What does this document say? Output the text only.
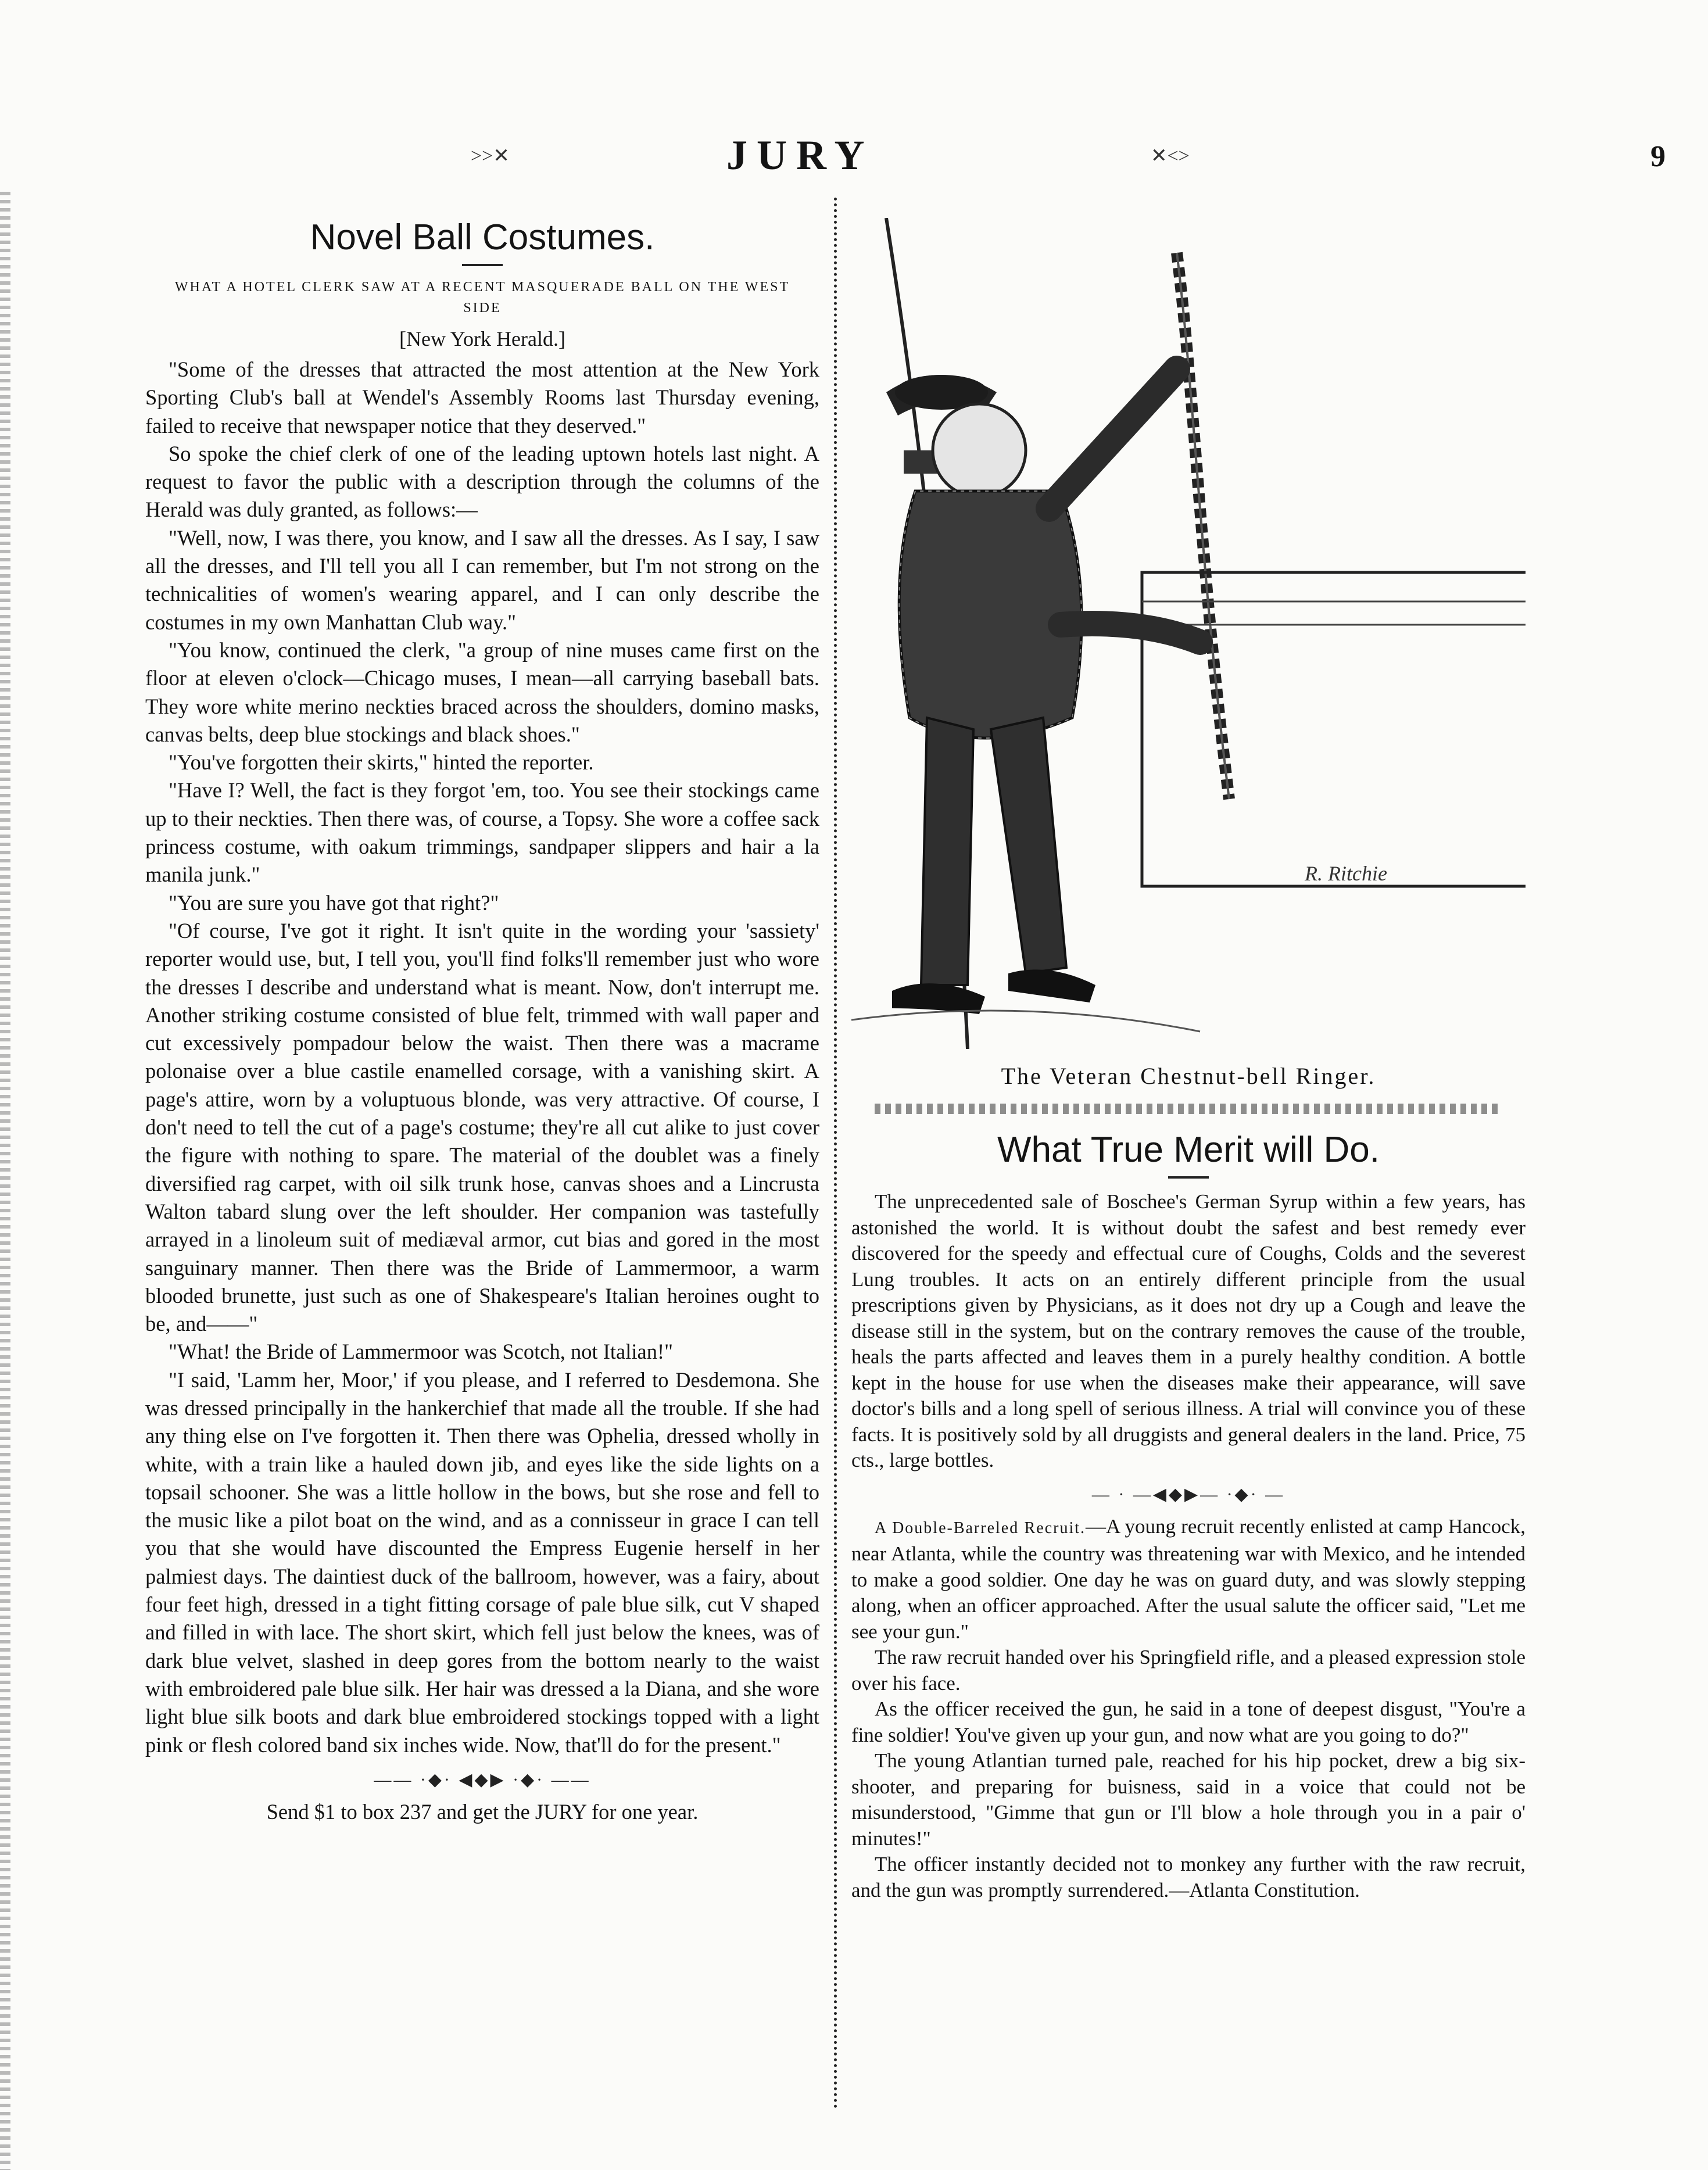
>>✕	JURY	✕<>	9
Novel Ball Costumes.
WHAT A HOTEL CLERK SAW AT A RECENT MASQUERADE BALL ON THE WEST SIDE
[New York Herald.]

"Some of the dresses that attracted the most attention at the New York Sporting Club's ball at Wendel's Assembly Rooms last Thursday evening, failed to receive that newspaper notice that they deserved."

So spoke the chief clerk of one of the leading uptown hotels last night. A request to favor the public with a description through the columns of the Herald was duly granted, as follows:—

"Well, now, I was there, you know, and I saw all the dresses. As I say, I saw all the dresses, and I'll tell you all I can remember, but I'm not strong on the technicalities of women's wearing apparel, and I can only describe the costumes in my own Manhattan Club way."

"You know, continued the clerk, "a group of nine muses came first on the floor at eleven o'clock—Chicago muses, I mean—all carrying baseball bats. They wore white merino neckties braced across the shoulders, domino masks, canvas belts, deep blue stockings and black shoes."

"You've forgotten their skirts," hinted the reporter.

"Have I? Well, the fact is they forgot 'em, too. You see their stockings came up to their neckties. Then there was, of course, a Topsy. She wore a coffee sack princess costume, with oakum trimmings, sandpaper slippers and hair a la manila junk."

"You are sure you have got that right?"

"Of course, I've got it right. It isn't quite in the wording your 'sassiety' reporter would use, but, I tell you, you'll find folks'll remember just who wore the dresses I describe and understand what is meant. Now, don't interrupt me. Another striking costume consisted of blue felt, trimmed with wall paper and cut excessively pompadour below the waist. Then there was a macrame polonaise over a blue castile enamelled corsage, with a vanishing skirt. A page's attire, worn by a voluptuous blonde, was very attractive. Of course, I don't need to tell the cut of a page's costume; they're all cut alike to just cover the figure with nothing to spare. The material of the doublet was a finely diversified rag carpet, with oil silk trunk hose, canvas shoes and a Lincrusta Walton tabard slung over the left shoulder. Her companion was tastefully arrayed in a linoleum suit of mediæval armor, cut bias and gored in the most sanguinary manner. Then there was the Bride of Lammermoor, a warm blooded brunette, just such as one of Shakespeare's Italian heroines ought to be, and——"

"What! the Bride of Lammermoor was Scotch, not Italian!"

"I said, 'Lamm her, Moor,' if you please, and I referred to Desdemona. She was dressed principally in the hankerchief that made all the trouble. If she had any thing else on I've forgotten it. Then there was Ophelia, dressed wholly in white, with a train like a hauled down jib, and eyes like the side lights on a topsail schooner. She was a little hollow in the bows, but she rose and fell to the music like a pilot boat on the wind, and as a connisseur in grace I can tell you that she would have discounted the Empress Eugenie herself in her palmiest days. The daintiest duck of the ballroom, however, was a fairy, about four feet high, dressed in a tight fitting corsage of pale blue silk, cut V shaped and filled in with lace. The short skirt, which fell just below the knees, was of dark blue velvet, slashed in deep gores from the bottom nearly to the waist with embroidered pale blue silk. Her hair was dressed a la Diana, and she wore light blue silk boots and dark blue embroidered stockings topped with a light pink or flesh colored band six inches wide. Now, that'll do for the present."

—— ·◆· ◀◆▶ ·◆· ——
Send $1 to box 237 and get the JURY for one year.
R. Ritchie
The Veteran Chestnut-bell Ringer.
What True Merit will Do.

The unprecedented sale of Boschee's German Syrup within a few years, has astonished the world. It is without doubt the safest and best remedy ever discovered for the speedy and effectual cure of Coughs, Colds and the severest Lung troubles. It acts on an entirely different principle from the usual prescriptions given by Physicians, as it does not dry up a Cough and leave the disease still in the system, but on the contrary removes the cause of the trouble, heals the parts affected and leaves them in a purely healthy condition. A bottle kept in the house for use when the diseases make their appearance, will save doctor's bills and a long spell of serious illness. A trial will convince you of these facts. It is positively sold by all druggists and general dealers in the land. Price, 75 cts., large bottles.

— · —◀◆▶— ·◆· —

A Double-Barreled Recruit.—A young recruit recently enlisted at camp Hancock, near Atlanta, while the country was threatening war with Mexico, and he intended to make a good soldier. One day he was on guard duty, and was slowly stepping along, when an officer approached. After the usual salute the officer said, "Let me see your gun."

The raw recruit handed over his Springfield rifle, and a pleased expression stole over his face.

As the officer received the gun, he said in a tone of deepest disgust, "You're a fine soldier! You've given up your gun, and now what are you going to do?"

The young Atlantian turned pale, reached for his hip pocket, drew a big six-shooter, and preparing for buisness, said in a voice that could not be misunderstood, "Gimme that gun or I'll blow a hole through you in a pair o' minutes!"

The officer instantly decided not to monkey any further with the raw recruit, and the gun was promptly surrendered.—Atlanta Constitution.
